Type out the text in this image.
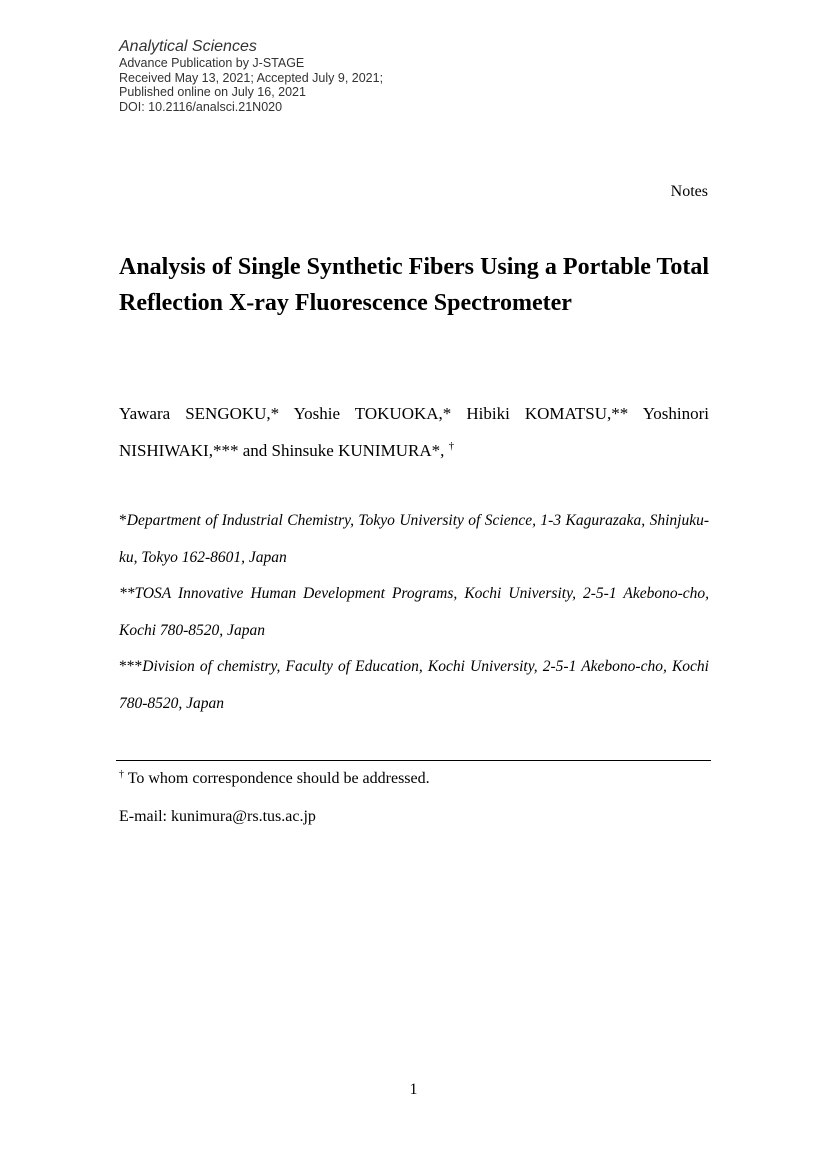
Analytical Sciences
Advance Publication by J-STAGE
Received May 13, 2021; Accepted July 9, 2021;
Published online on July 16, 2021
DOI: 10.2116/analsci.21N020
Notes
Analysis of Single Synthetic Fibers Using a Portable Total Reflection X-ray Fluorescence Spectrometer

Yawara SENGOKU,* Yoshie TOKUOKA,* Hibiki KOMATSU,** Yoshinori NISHIWAKI,*** and Shinsuke KUNIMURA*, †

*Department of Industrial Chemistry, Tokyo University of Science, 1-3 Kagurazaka, Shinjuku-ku, Tokyo 162-8601, Japan

**TOSA Innovative Human Development Programs, Kochi University, 2-5-1 Akebono-cho, Kochi 780-8520, Japan

***Division of chemistry, Faculty of Education, Kochi University, 2-5-1 Akebono-cho, Kochi 780-8520, Japan

† To whom correspondence should be addressed.
E-mail: kunimura@rs.tus.ac.jp
1
